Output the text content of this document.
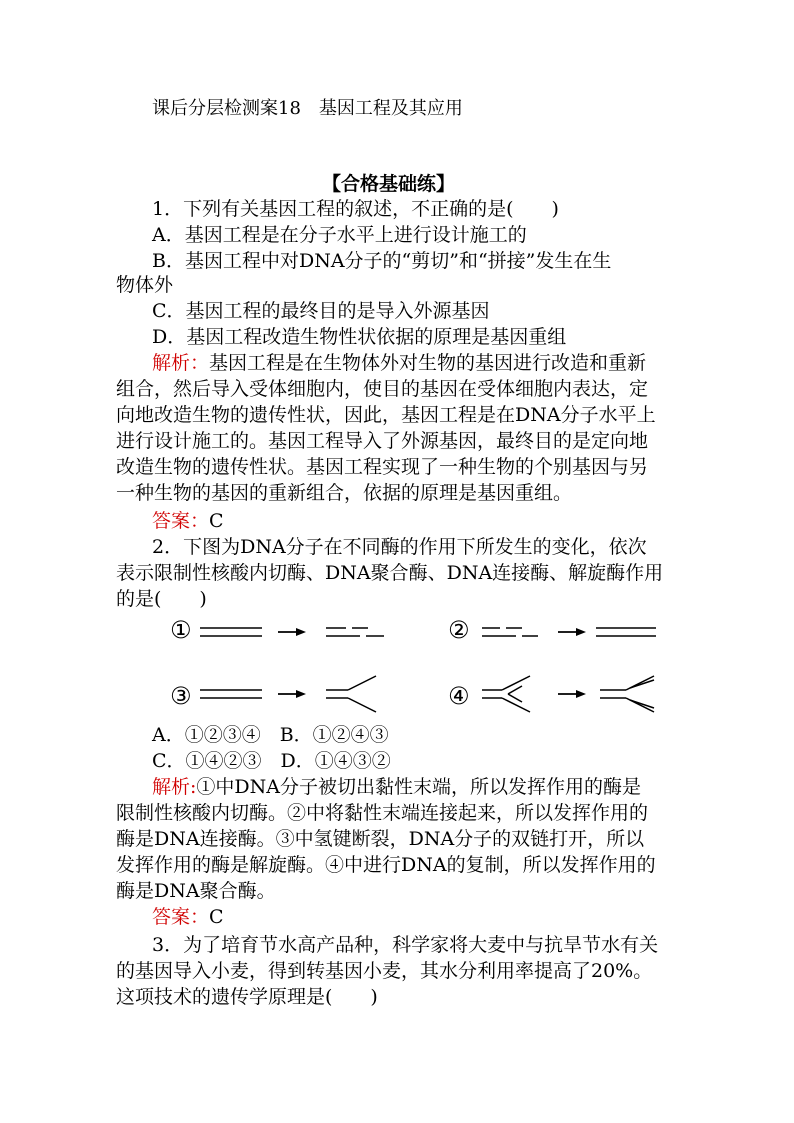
课后分层检测案18　基因工程及其应用
【合格基础练】
1．下列有关基因工程的叙述，不正确的是(　　)
A．基因工程是在分子水平上进行设计施工的
B．基因工程中对DNA分子的“剪切”和“拼接”发生在生
物体外
C．基因工程的最终目的是导入外源基因
D．基因工程改造生物性状依据的原理是基因重组
解析：基因工程是在生物体外对生物的基因进行改造和重新
组合，然后导入受体细胞内，使目的基因在受体细胞内表达，定
向地改造生物的遗传性状，因此，基因工程是在DNA分子水平上
进行设计施工的。基因工程导入了外源基因，最终目的是定向地
改造生物的遗传性状。基因工程实现了一种生物的个别基因与另
一种生物的基因的重新组合，依据的原理是基因重组。
答案：C
2．下图为DNA分子在不同酶的作用下所发生的变化，依次
表示限制性核酸内切酶、DNA聚合酶、DNA连接酶、解旋酶作用
的是(　　)
①	②
③	④
A．①②③④　B．①②④③
C．①④②③　D．①④③②
解析:①中DNA分子被切出黏性末端，所以发挥作用的酶是
限制性核酸内切酶。②中将黏性末端连接起来，所以发挥作用的
酶是DNA连接酶。③中氢键断裂，DNA分子的双链打开，所以
发挥作用的酶是解旋酶。④中进行DNA的复制，所以发挥作用的
酶是DNA聚合酶。
答案：C
3．为了培育节水高产品种，科学家将大麦中与抗旱节水有关
的基因导入小麦，得到转基因小麦，其水分利用率提高了20%。
这项技术的遗传学原理是(　　)
